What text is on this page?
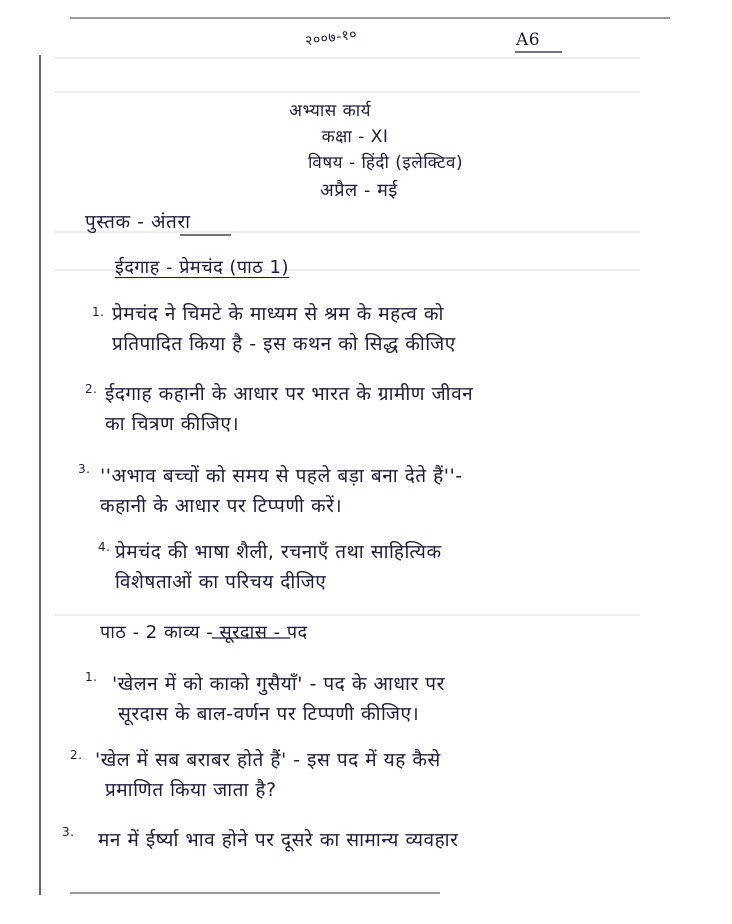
२००७-१०	A6
अभ्यास कार्य
कक्षा - XI
विषय - हिंदी (इलेक्टिव)
अप्रैल - मई
पुस्तक - अंतरा
ईदगाह - प्रेमचंद (पाठ 1)
1. प्रेमचंद ने चिमटे के माध्यम से श्रम के महत्व को
प्रतिपादित किया है - इस कथन को सिद्ध कीजिए
2. ईदगाह कहानी के आधार पर भारत के ग्रामीण जीवन
का चित्रण कीजिए।
3. ''अभाव बच्चों को समय से पहले बड़ा बना देते हैं''-
कहानी के आधार पर टिप्पणी करें।
4. प्रेमचंद की भाषा शैली, रचनाएँ तथा साहित्यिक
विशेषताओं का परिचय दीजिए
पाठ - 2 काव्य - सूरदास - पद
1. 'खेलन में को काको गुसैयाँ' - पद के आधार पर
सूरदास के बाल-वर्णन पर टिप्पणी कीजिए।
2. 'खेल में सब बराबर होते हैं' - इस पद में यह कैसे
प्रमाणित किया जाता है?
3. मन में ईर्ष्या भाव होने पर दूसरे का सामान्य व्यवहार
